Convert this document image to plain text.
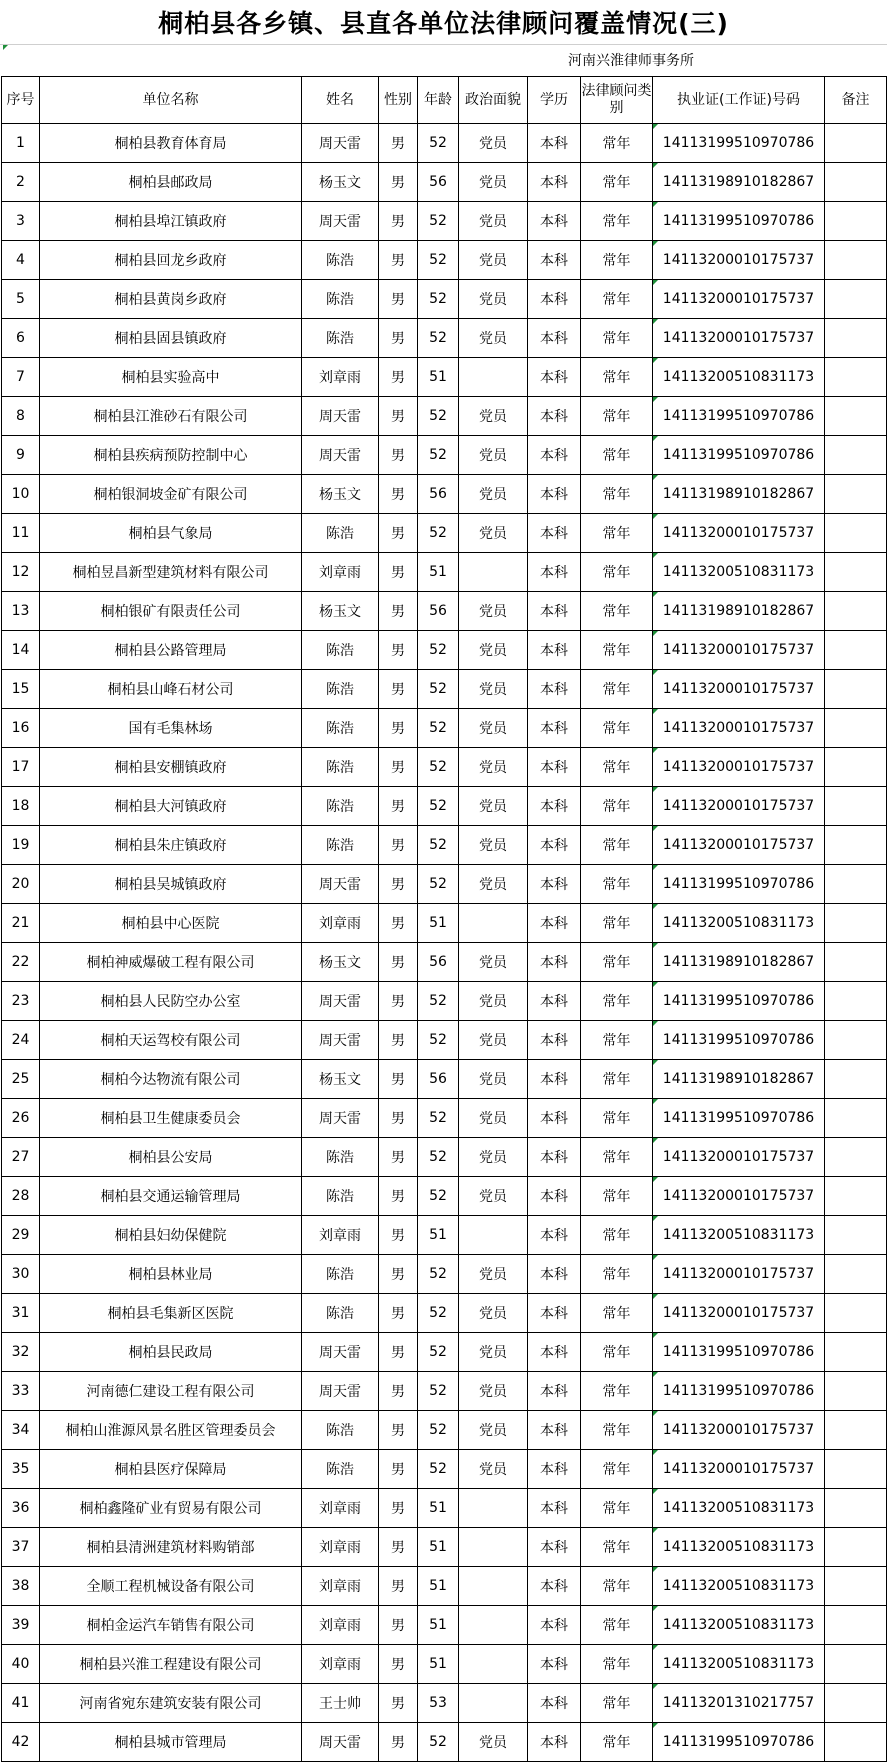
桐柏县各乡镇、县直各单位法律顾问覆盖情况(三)
河南兴淮律师事务所
序号	单位名称	姓名	性别	年龄	政治面貌	学历	法律顾问类别	执业证(工作证)号码	备注
1	桐柏县教育体育局	周天雷	男	52	党员	本科	常年	14113199510970786	
2	桐柏县邮政局	杨玉文	男	56	党员	本科	常年	14113198910182867	
3	桐柏县埠江镇政府	周天雷	男	52	党员	本科	常年	14113199510970786	
4	桐柏县回龙乡政府	陈浩	男	52	党员	本科	常年	14113200010175737	
5	桐柏县黄岗乡政府	陈浩	男	52	党员	本科	常年	14113200010175737	
6	桐柏县固县镇政府	陈浩	男	52	党员	本科	常年	14113200010175737	
7	桐柏县实验高中	刘章雨	男	51		本科	常年	14113200510831173	
8	桐柏县江淮砂石有限公司	周天雷	男	52	党员	本科	常年	14113199510970786	
9	桐柏县疾病预防控制中心	周天雷	男	52	党员	本科	常年	14113199510970786	
10	桐柏银洞坡金矿有限公司	杨玉文	男	56	党员	本科	常年	14113198910182867	
11	桐柏县气象局	陈浩	男	52	党员	本科	常年	14113200010175737	
12	桐柏昱昌新型建筑材料有限公司	刘章雨	男	51		本科	常年	14113200510831173	
13	桐柏银矿有限责任公司	杨玉文	男	56	党员	本科	常年	14113198910182867	
14	桐柏县公路管理局	陈浩	男	52	党员	本科	常年	14113200010175737	
15	桐柏县山峰石材公司	陈浩	男	52	党员	本科	常年	14113200010175737	
16	国有毛集林场	陈浩	男	52	党员	本科	常年	14113200010175737	
17	桐柏县安棚镇政府	陈浩	男	52	党员	本科	常年	14113200010175737	
18	桐柏县大河镇政府	陈浩	男	52	党员	本科	常年	14113200010175737	
19	桐柏县朱庄镇政府	陈浩	男	52	党员	本科	常年	14113200010175737	
20	桐柏县吴城镇政府	周天雷	男	52	党员	本科	常年	14113199510970786	
21	桐柏县中心医院	刘章雨	男	51		本科	常年	14113200510831173	
22	桐柏神威爆破工程有限公司	杨玉文	男	56	党员	本科	常年	14113198910182867	
23	桐柏县人民防空办公室	周天雷	男	52	党员	本科	常年	14113199510970786	
24	桐柏天运驾校有限公司	周天雷	男	52	党员	本科	常年	14113199510970786	
25	桐柏今达物流有限公司	杨玉文	男	56	党员	本科	常年	14113198910182867	
26	桐柏县卫生健康委员会	周天雷	男	52	党员	本科	常年	14113199510970786	
27	桐柏县公安局	陈浩	男	52	党员	本科	常年	14113200010175737	
28	桐柏县交通运输管理局	陈浩	男	52	党员	本科	常年	14113200010175737	
29	桐柏县妇幼保健院	刘章雨	男	51		本科	常年	14113200510831173	
30	桐柏县林业局	陈浩	男	52	党员	本科	常年	14113200010175737	
31	桐柏县毛集新区医院	陈浩	男	52	党员	本科	常年	14113200010175737	
32	桐柏县民政局	周天雷	男	52	党员	本科	常年	14113199510970786	
33	河南德仁建设工程有限公司	周天雷	男	52	党员	本科	常年	14113199510970786	
34	桐柏山淮源风景名胜区管理委员会	陈浩	男	52	党员	本科	常年	14113200010175737	
35	桐柏县医疗保障局	陈浩	男	52	党员	本科	常年	14113200010175737	
36	桐柏鑫隆矿业有贸易有限公司	刘章雨	男	51		本科	常年	14113200510831173	
37	桐柏县清洲建筑材料购销部	刘章雨	男	51		本科	常年	14113200510831173	
38	全顺工程机械设备有限公司	刘章雨	男	51		本科	常年	14113200510831173	
39	桐柏金运汽车销售有限公司	刘章雨	男	51		本科	常年	14113200510831173	
40	桐柏县兴淮工程建设有限公司	刘章雨	男	51		本科	常年	14113200510831173	
41	河南省宛东建筑安装有限公司	王士帅	男	53		本科	常年	14113201310217757	
42	桐柏县城市管理局	周天雷	男	52	党员	本科	常年	14113199510970786	
